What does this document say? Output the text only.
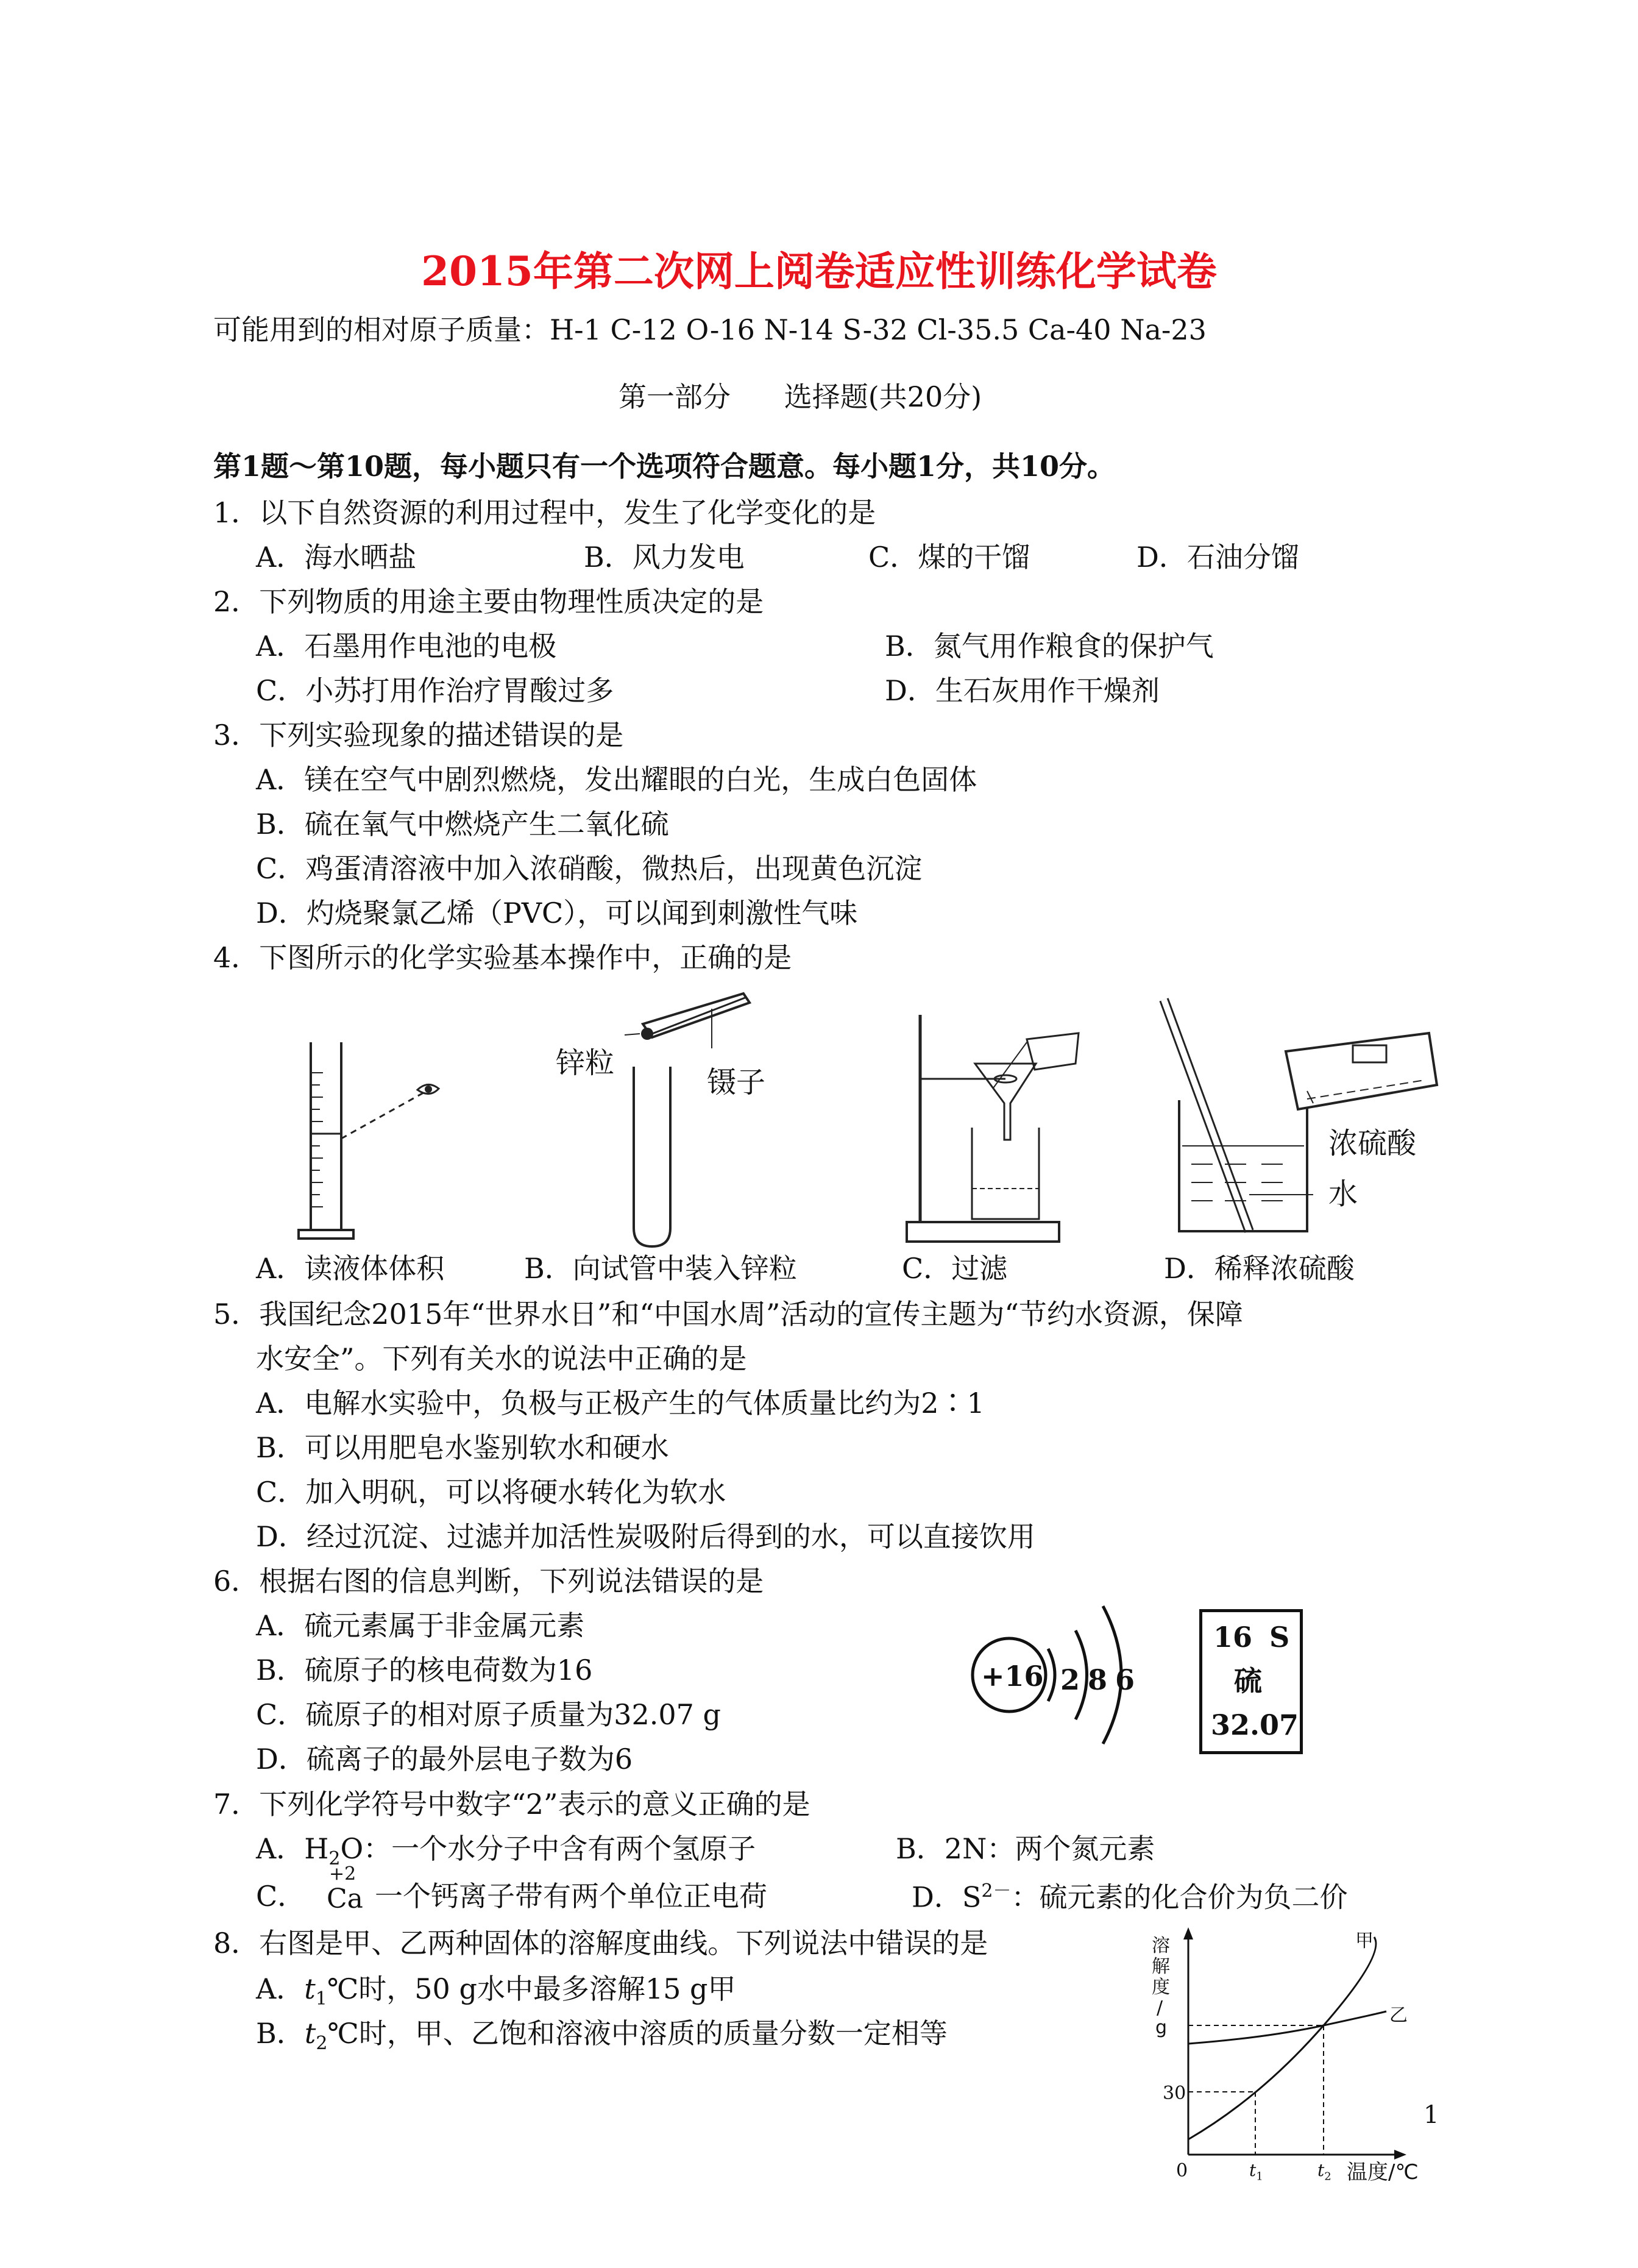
2015年第二次网上阅卷适应性训练化学试卷
可能用到的相对原子质量：H-1 C-12 O-16 N-14 S-32 Cl-35.5 Ca-40 Na-23
第一部分      选择题(共20分)
第1题～第10题，每小题只有一个选项符合题意。每小题1分，共10分。
1．以下自然资源的利用过程中，发生了化学变化的是
A．海水晒盐	B．风力发电	C．煤的干馏	D．石油分馏
2．下列物质的用途主要由物理性质决定的是
A．石墨用作电池的电极	B．氮气用作粮食的保护气
C．小苏打用作治疗胃酸过多	D．生石灰用作干燥剂
3．下列实验现象的描述错误的是
A．镁在空气中剧烈燃烧，发出耀眼的白光，生成白色固体
B．硫在氧气中燃烧产生二氧化硫
C．鸡蛋清溶液中加入浓硝酸，微热后，出现黄色沉淀
D．灼烧聚氯乙烯（PVC），可以闻到刺激性气味
4．下图所示的化学实验基本操作中，正确的是
锌粒
镊子
浓硫酸
水
A．读液体体积	B．向试管中装入锌粒	C．过滤	D．稀释浓硫酸
5．我国纪念2015年“世界水日”和“中国水周”活动的宣传主题为“节约水资源，保障
水安全”。下列有关水的说法中正确的是
A．电解水实验中，负极与正极产生的气体质量比约为2∶1
B．可以用肥皂水鉴别软水和硬水
C．加入明矾，可以将硬水转化为软水
D．经过沉淀、过滤并加活性炭吸附后得到的水，可以直接饮用
6．根据右图的信息判断，下列说法错误的是
A．硫元素属于非金属元素
B．硫原子的核电荷数为16
C．硫原子的相对原子质量为32.07 g
D．硫离子的最外层电子数为6
+16 2 8 6
16 S
硫
32.07
7．下列化学符号中数字“2”表示的意义正确的是
A．$H_2O$：一个水分子中含有两个氢原子	B．2N：两个氮元素
C．
+2
Ca 一个钙离子带有两个单位正电荷	D．$S^{2-}$：硫元素的化合价为负二价
8．右图是甲、乙两种固体的溶解度曲线。下列说法中错误的是
A．$t_1℃$时，50 g水中最多溶解15 g甲
B．$t_2℃$时，甲、乙饱和溶液中溶质的质量分数一定相等
溶
解
度
/
g
甲
乙
30
0	$t_1$	$t_2$ 温度/℃
1
